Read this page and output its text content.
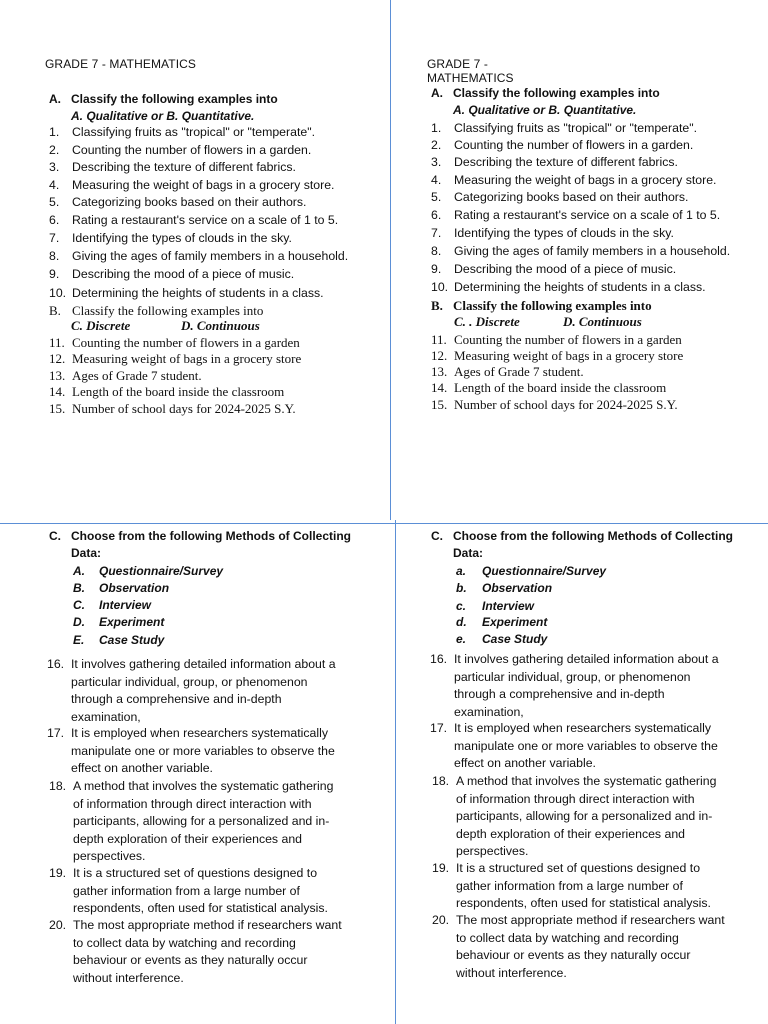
GRADE 7 - MATHEMATICS
A. Classify the following examples into
A. Qualitative or B. Quantitative.
1.	Classifying fruits as "tropical" or "temperate".
2.	Counting the number of flowers in a garden.
3.	Describing the texture of different fabrics.
4.	Measuring the weight of bags in a grocery store.
5.	Categorizing books based on their authors.
6.	Rating a restaurant's service on a scale of 1 to 5.
7.	Identifying the types of clouds in the sky.
8.	Giving the ages of family members in a household.
9.	Describing the mood of a piece of music.
10. Determining the heights of students in a class.
B. Classify the following examples into
C. Discrete	D. Continuous
11. Counting the number of flowers in a garden
12. Measuring weight of bags in a grocery store
13. Ages of Grade 7 student.
14. Length of the board inside the classroom
15. Number of school days for 2024-2025 S.Y.
C. Choose from the following Methods of Collecting
Data:
A. Questionnaire/Survey
B. Observation
C. Interview
D. Experiment
E. Case Study
16. It involves gathering detailed information about a
particular individual, group, or phenomenon
through a comprehensive and in-depth
examination,
17. It is employed when researchers systematically
manipulate one or more variables to observe the
effect on another variable.
18. A method that involves the systematic gathering
of information through direct interaction with
participants, allowing for a personalized and in-
depth exploration of their experiences and
perspectives.
19. It is a structured set of questions designed to
gather information from a large number of
respondents, often used for statistical analysis.
20. The most appropriate method if researchers want
to collect data by watching and recording
behaviour or events as they naturally occur
without interference.
GRADE 7 - MATHEMATICS
A. Classify the following examples into
A. Qualitative or B. Quantitative.
1.	Classifying fruits as "tropical" or "temperate".
2.	Counting the number of flowers in a garden.
3.	Describing the texture of different fabrics.
4.	Measuring the weight of bags in a grocery store.
5.	Categorizing books based on their authors.
6.	Rating a restaurant's service on a scale of 1 to 5.
7.	Identifying the types of clouds in the sky.
8.	Giving the ages of family members in a household.
9.	Describing the mood of a piece of music.
10. Determining the heights of students in a class.
B. Classify the following examples into
C. . Discrete	D. Continuous
11. Counting the number of flowers in a garden
12. Measuring weight of bags in a grocery store
13. Ages of Grade 7 student.
14. Length of the board inside the classroom
15. Number of school days for 2024-2025 S.Y.
C. Choose from the following Methods of Collecting
Data:
a. Questionnaire/Survey
b. Observation
c. Interview
d. Experiment
e. Case Study
16. It involves gathering detailed information about a
particular individual, group, or phenomenon
through a comprehensive and in-depth
examination,
17. It is employed when researchers systematically
manipulate one or more variables to observe the
effect on another variable.
18. A method that involves the systematic gathering
of information through direct interaction with
participants, allowing for a personalized and in-
depth exploration of their experiences and
perspectives.
19. It is a structured set of questions designed to
gather information from a large number of
respondents, often used for statistical analysis.
20. The most appropriate method if researchers want
to collect data by watching and recording
behaviour or events as they naturally occur
without interference.
